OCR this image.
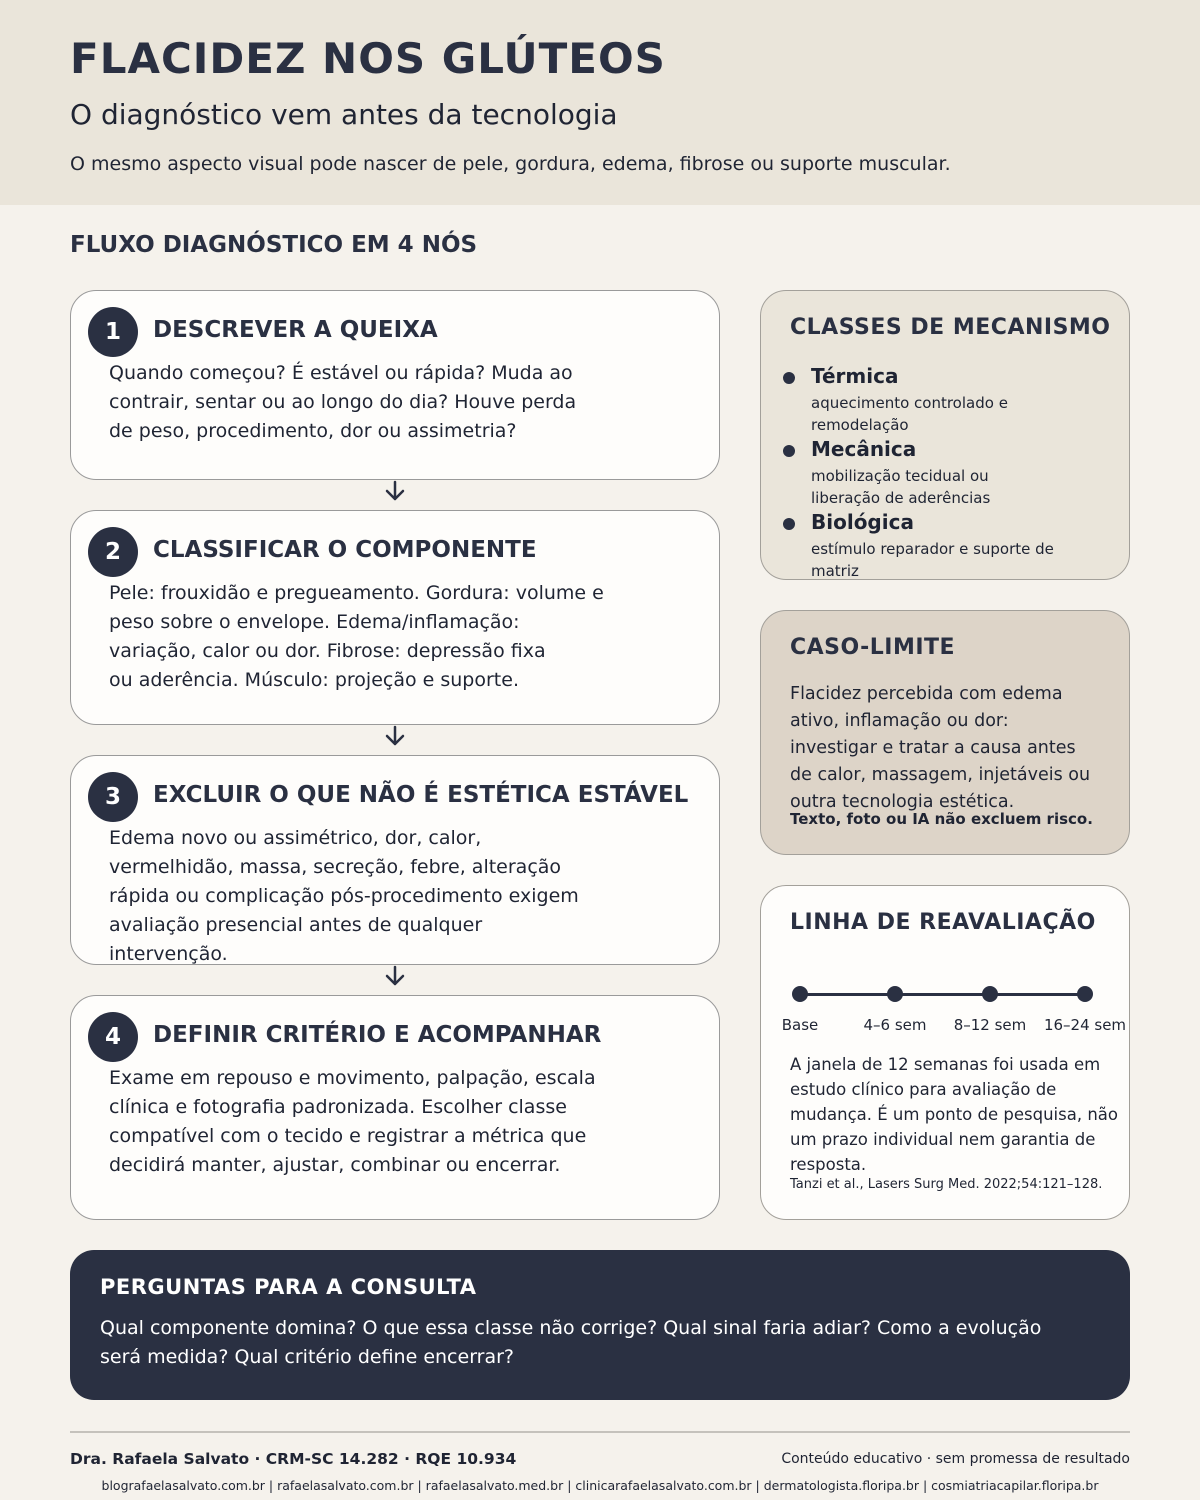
FLACIDEZ NOS GLÚTEOS
O diagnóstico vem antes da tecnologia
O mesmo aspecto visual pode nascer de pele, gordura, edema, fibrose ou suporte muscular.
FLUXO DIAGNÓSTICO EM 4 NÓS
1	DESCREVER A QUEIXA
Quando começou? É estável ou rápida? Muda ao
contrair, sentar ou ao longo do dia? Houve perda
de peso, procedimento, dor ou assimetria?
2	CLASSIFICAR O COMPONENTE
Pele: frouxidão e pregueamento. Gordura: volume e
peso sobre o envelope. Edema/inflamação:
variação, calor ou dor. Fibrose: depressão fixa
ou aderência. Músculo: projeção e suporte.
3	EXCLUIR O QUE NÃO É ESTÉTICA ESTÁVEL
Edema novo ou assimétrico, dor, calor,
vermelhidão, massa, secreção, febre, alteração
rápida ou complicação pós-procedimento exigem
avaliação presencial antes de qualquer
intervenção.
4	DEFINIR CRITÉRIO E ACOMPANHAR
Exame em repouso e movimento, palpação, escala
clínica e fotografia padronizada. Escolher classe
compatível com o tecido e registrar a métrica que
decidirá manter, ajustar, combinar ou encerrar.
CLASSES DE MECANISMO
Térmica
aquecimento controlado e
remodelação
Mecânica
mobilização tecidual ou
liberação de aderências
Biológica
estímulo reparador e suporte de
matriz
CASO-LIMITE
Flacidez percebida com edema
ativo, inflamação ou dor:
investigar e tratar a causa antes
de calor, massagem, injetáveis ou
outra tecnologia estética.
Texto, foto ou IA não excluem risco.
LINHA DE REAVALIAÇÃO
Base	4–6 sem 8–12 sem 16–24 sem
A janela de 12 semanas foi usada em
estudo clínico para avaliação de
mudança. É um ponto de pesquisa, não
um prazo individual nem garantia de
resposta.
Tanzi et al., Lasers Surg Med. 2022;54:121–128.
PERGUNTAS PARA A CONSULTA
Qual componente domina? O que essa classe não corrige? Qual sinal faria adiar? Como a evolução
será medida? Qual critério define encerrar?
Dra. Rafaela Salvato · CRM-SC 14.282 · RQE 10.934	Conteúdo educativo · sem promessa de resultado
blografaelasalvato.com.br | rafaelasalvato.com.br | rafaelasalvato.med.br | clinicarafaelasalvato.com.br | dermatologista.floripa.br | cosmiatriacapilar.floripa.br
